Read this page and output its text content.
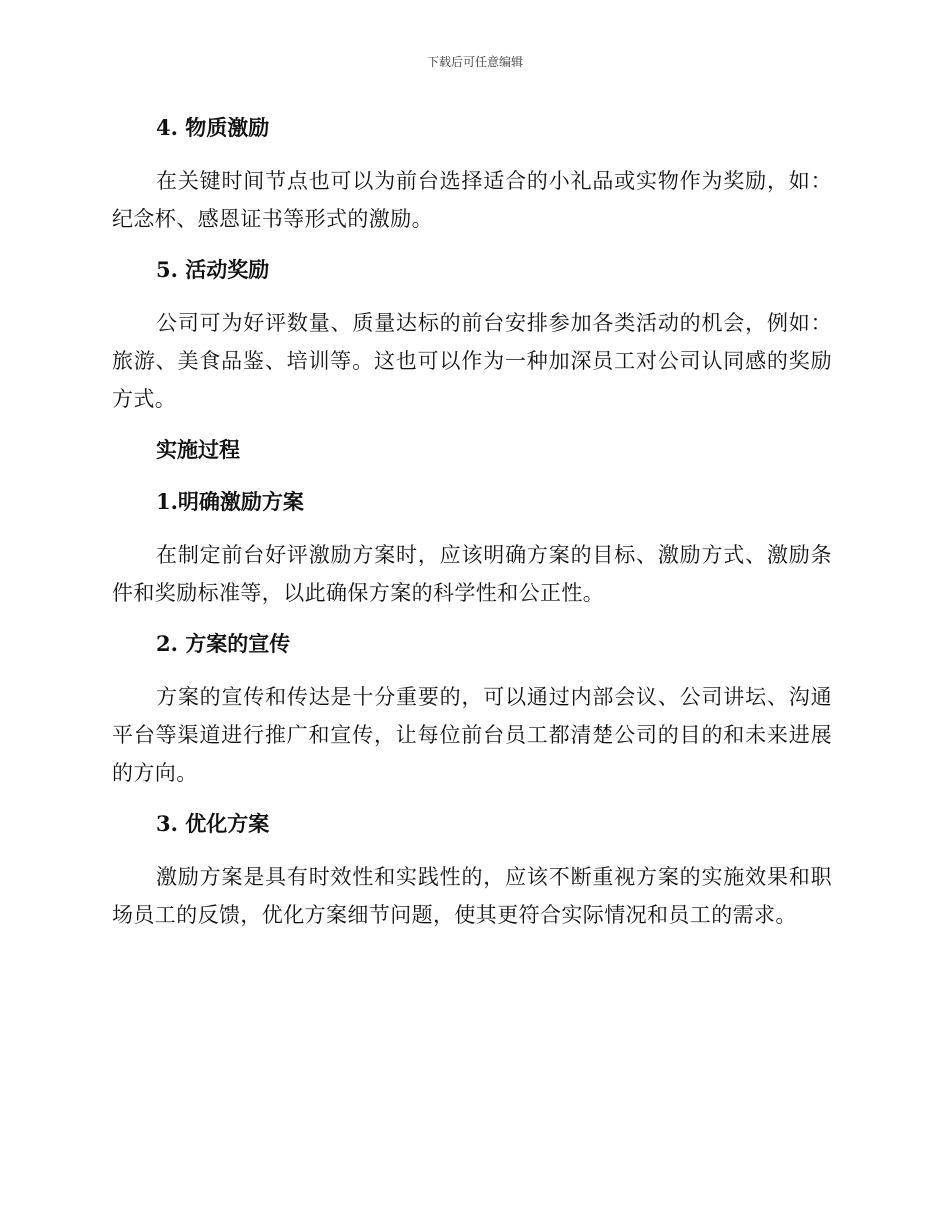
下载后可任意编辑
4. 物质激励

在关键时间节点也可以为前台选择适合的小礼品或实物作为奖励，如：纪念杯、感恩证书等形式的激励。

5. 活动奖励

公司可为好评数量、质量达标的前台安排参加各类活动的机会，例如：旅游、美食品鉴、培训等。这也可以作为一种加深员工对公司认同感的奖励方式。

实施过程
1.明确激励方案

在制定前台好评激励方案时，应该明确方案的目标、激励方式、激励条件和奖励标准等，以此确保方案的科学性和公正性。

2. 方案的宣传

方案的宣传和传达是十分重要的，可以通过内部会议、公司讲坛、沟通平台等渠道进行推广和宣传，让每位前台员工都清楚公司的目的和未来进展的方向。

3. 优化方案

激励方案是具有时效性和实践性的，应该不断重视方案的实施效果和职场员工的反馈，优化方案细节问题，使其更符合实际情况和员工的需求。
